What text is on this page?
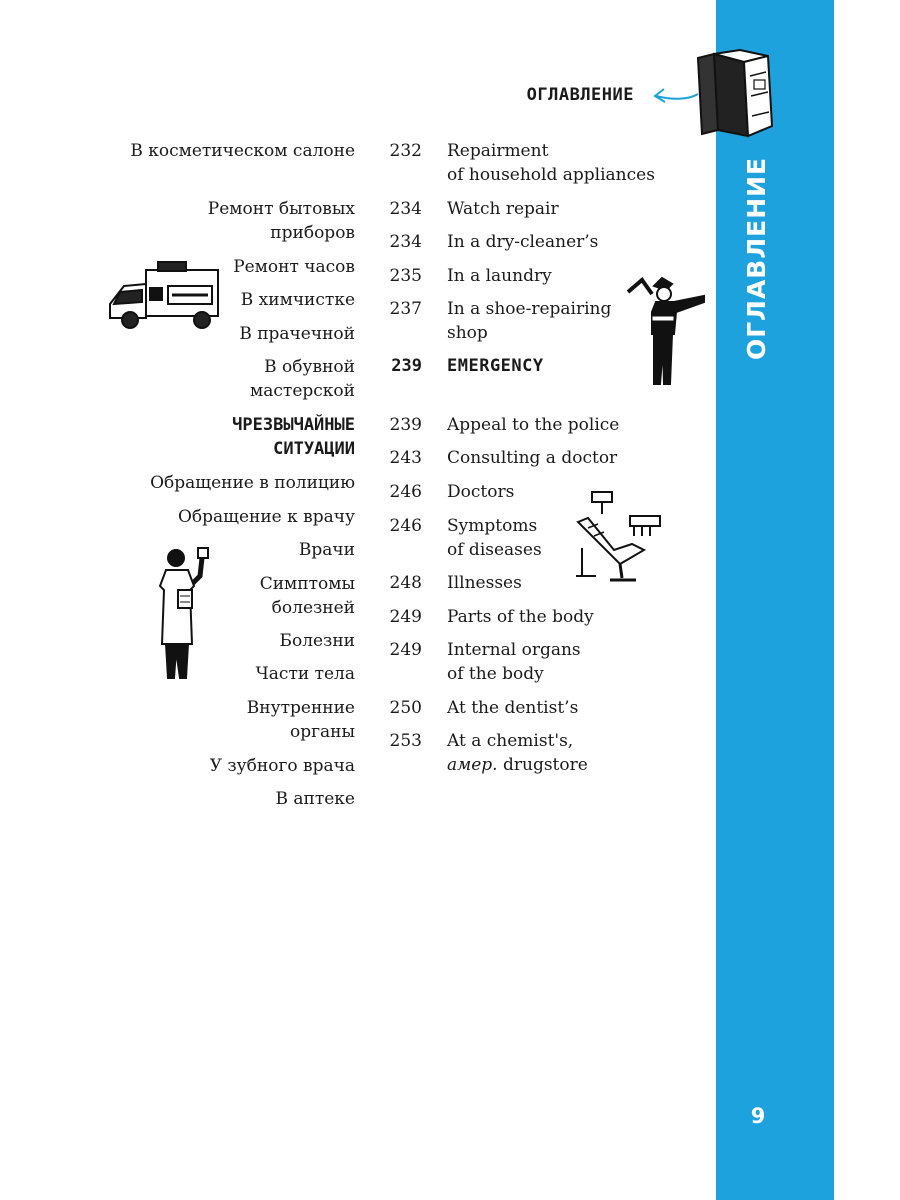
ОГЛАВЛЕНИЕ
9
ОГЛАВЛЕНИЕ
В косметическом салоне
Ремонт бытовых
приборов
Ремонт часов
В химчистке
В прачечной
В обувной
мастерской
ЧРЕЗВЫЧАЙНЫЕ
СИТУАЦИИ
Обращение в полицию
Обращение к врачу
Врачи
Симптомы
болезней
Болезни
Части тела
Внутренние
органы
У зубного врача
В аптеке
232
234
234
235
237
239
239
243
246
246
248
249
249
250
253
Repairment
of household appliances
Watch repair
In a dry-cleaner’s
In a laundry
In a shoe-repairing
shop
EMERGENCY
Appeal to the police
Consulting a doctor
Doctors
Symptoms
of diseases
Illnesses
Parts of the body
Internal organs
of the body
At the dentist’s
At a chemist's,
амер. drugstore
